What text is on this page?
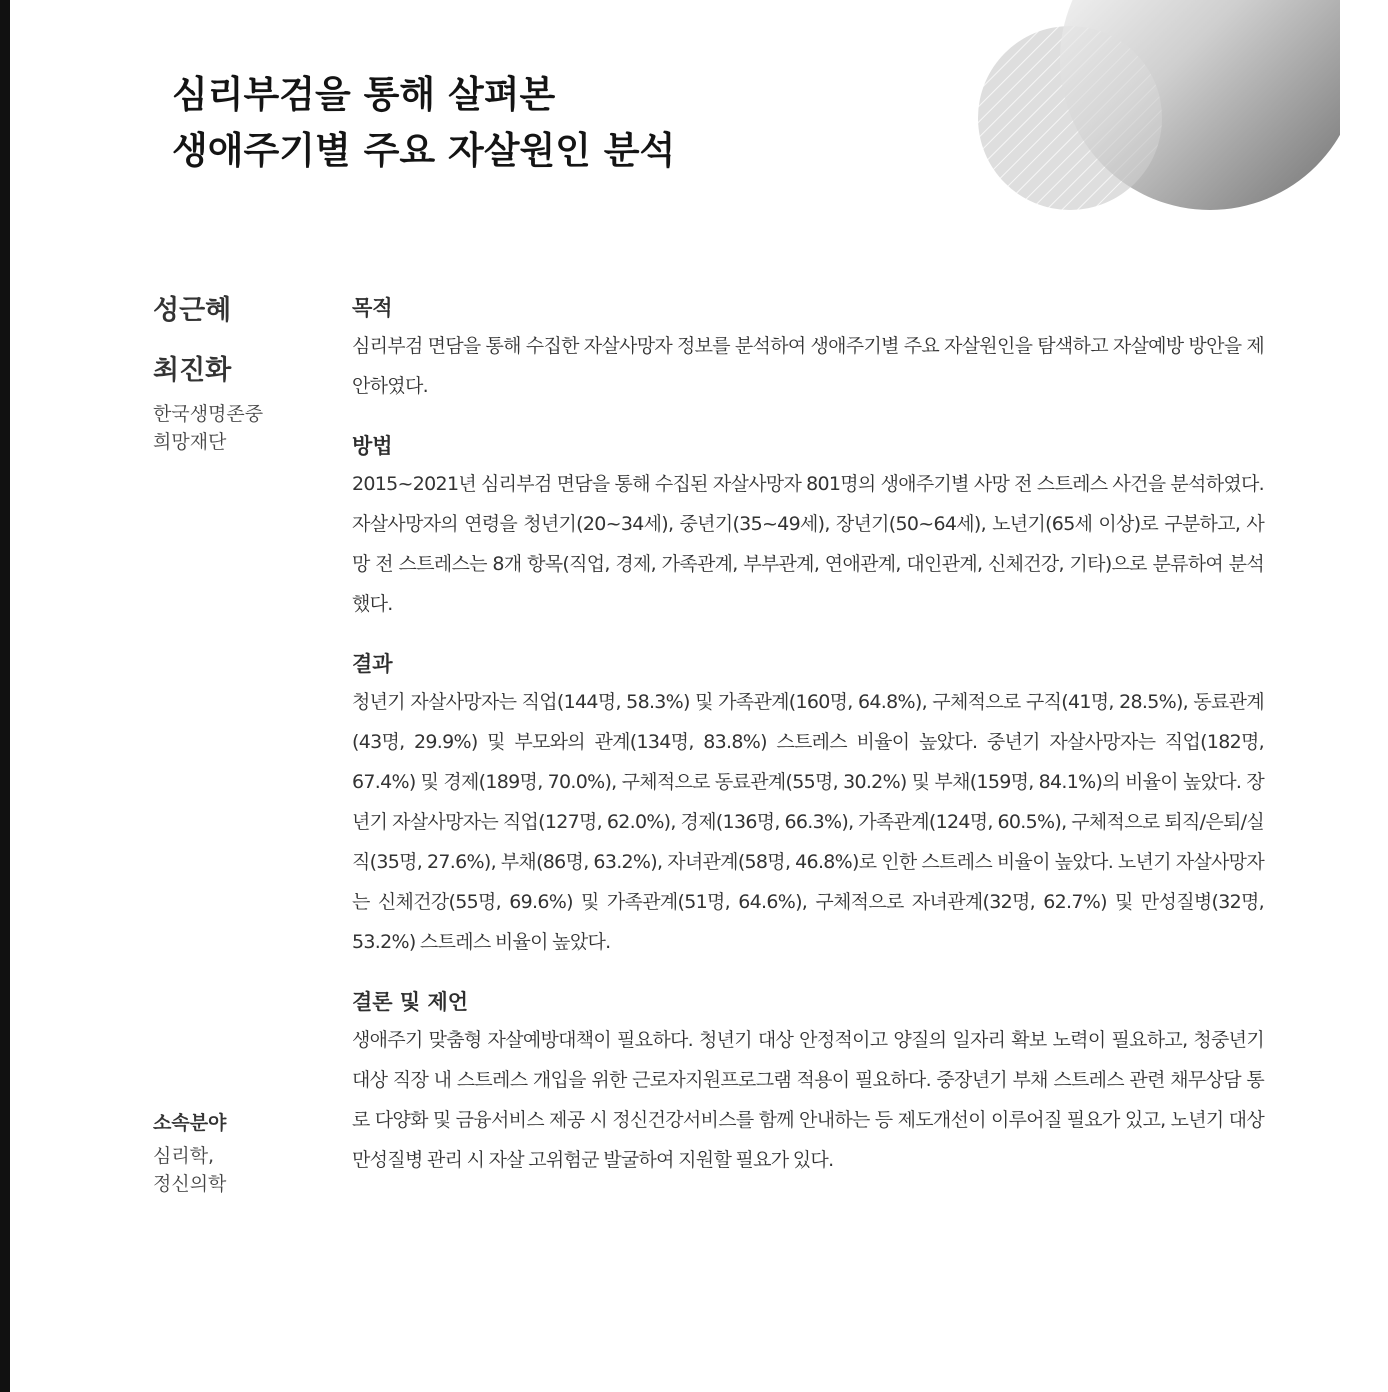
심리부검을 통해 살펴본
생애주기별 주요 자살원인 분석
성근혜
최진화
한국생명존중
희망재단
소속분야
심리학,
정신의학
목적

심리부검 면담을 통해 수집한 자살사망자 정보를 분석하여 생애주기별 주요 자살원인을 탐색하고 자살예방 방안을 제안하였다.

방법

2015~2021년 심리부검 면담을 통해 수집된 자살사망자 801명의 생애주기별 사망 전 스트레스 사건을 분석하였다. 자살사망자의 연령을 청년기(20~34세), 중년기(35~49세), 장년기(50~64세), 노년기(65세 이상)로 구분하고, 사망 전 스트레스는 8개 항목(직업, 경제, 가족관계, 부부관계, 연애관계, 대인관계, 신체건강, 기타)으로 분류하여 분석했다.

결과

청년기 자살사망자는 직업(144명, 58.3%) 및 가족관계(160명, 64.8%), 구체적으로 구직(41명, 28.5%), 동료관계(43명, 29.9%) 및 부모와의 관계(134명, 83.8%) 스트레스 비율이 높았다. 중년기 자살사망자는 직업(182명, 67.4%) 및 경제(189명, 70.0%), 구체적으로 동료관계(55명, 30.2%) 및 부채(159명, 84.1%)의 비율이 높았다. 장년기 자살사망자는 직업(127명, 62.0%), 경제(136명, 66.3%), 가족관계(124명, 60.5%), 구체적으로 퇴직/은퇴/실직(35명, 27.6%), 부채(86명, 63.2%), 자녀관계(58명, 46.8%)로 인한 스트레스 비율이 높았다. 노년기 자살사망자는 신체건강(55명, 69.6%) 및 가족관계(51명, 64.6%), 구체적으로 자녀관계(32명, 62.7%) 및 만성질병(32명, 53.2%) 스트레스 비율이 높았다.

결론 및 제언

생애주기 맞춤형 자살예방대책이 필요하다. 청년기 대상 안정적이고 양질의 일자리 확보 노력이 필요하고, 청중년기 대상 직장 내 스트레스 개입을 위한 근로자지원프로그램 적용이 필요하다. 중장년기 부채 스트레스 관련 채무상담 통로 다양화 및 금융서비스 제공 시 정신건강서비스를 함께 안내하는 등 제도개선이 이루어질 필요가 있고, 노년기 대상 만성질병 관리 시 자살 고위험군 발굴하여 지원할 필요가 있다.
